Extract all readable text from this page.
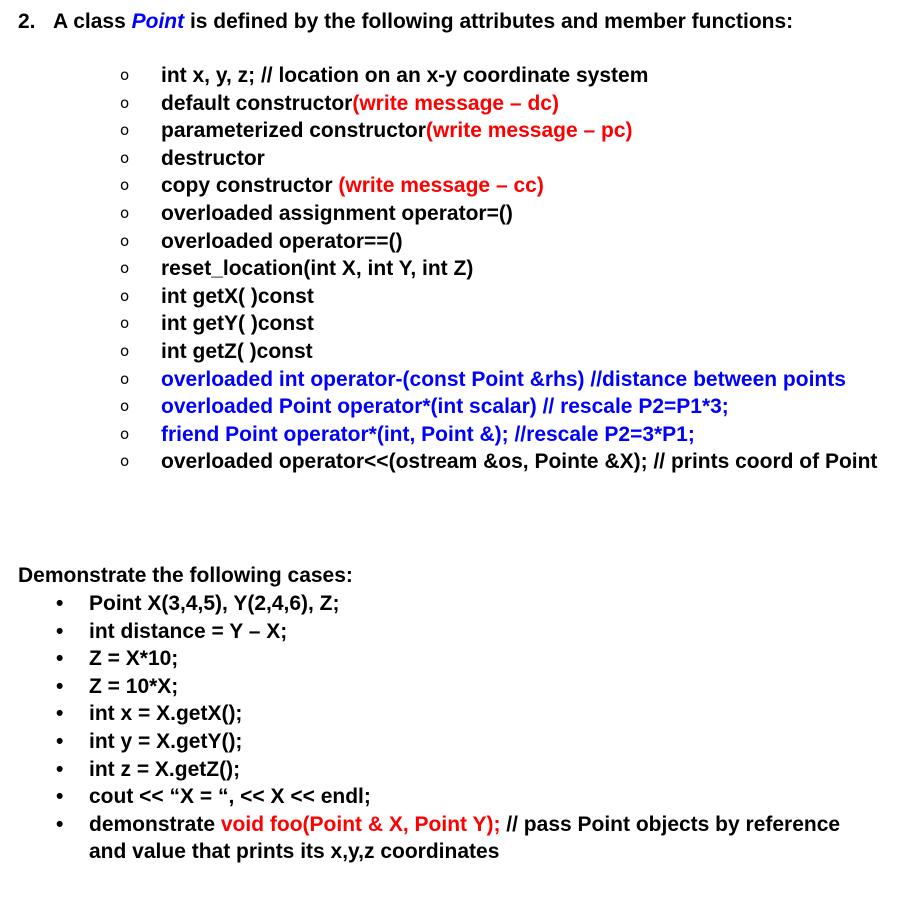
2. A class Point is defined by the following attributes and member functions:
o int x, y, z; // location on an x-y coordinate system
o default constructor(write message – dc)
o parameterized constructor(write message – pc)
o destructor
o copy constructor (write message – cc)
o overloaded assignment operator=()
o overloaded operator==()
o reset_location(int X, int Y, int Z)
o int getX( )const
o int getY( )const
o int getZ( )const
o overloaded int operator-(const Point &rhs) //distance between points
o overloaded Point operator*(int scalar) // rescale P2=P1*3;
o friend Point operator*(int, Point &); //rescale P2=3*P1;
o overloaded operator<<(ostream &os, Pointe &X); // prints coord of Point
Demonstrate the following cases:
• Point X(3,4,5), Y(2,4,6), Z;
• int distance = Y – X;
• Z = X*10;
• Z = 10*X;
• int x = X.getX();
• int y = X.getY();
• int z = X.getZ();
• cout << “X = “, << X << endl;
• demonstrate void foo(Point & X, Point Y); // pass Point objects by reference and value that prints its x,y,z coordinates
